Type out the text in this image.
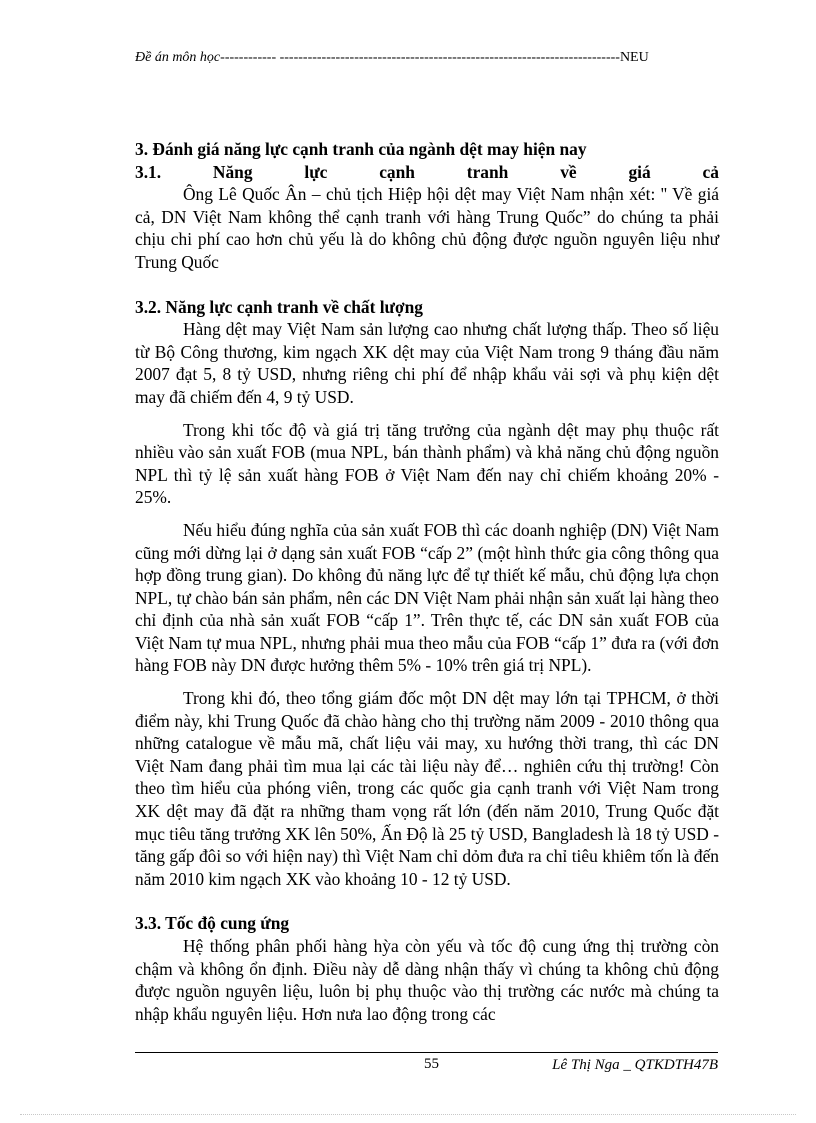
Đề án môn học------------ -------------------------------------------------------------------------NEU

3. Đánh giá năng lực cạnh tranh của ngành dệt may hiện nay

3.1.	Năng	lực	cạnh	tranh	về	giá	cả

Ông Lê Quốc Ân – chủ tịch Hiệp hội dệt may Việt Nam nhận xét: '' Về giá cả, DN Việt Nam không thể cạnh tranh với hàng Trung Quốc” do chúng ta phải chịu chi phí cao hơn chủ yếu là do không chủ động được nguồn nguyên liệu như Trung Quốc

3.2. Năng lực cạnh tranh về chất lượng

Hàng dệt may Việt Nam sản lượng cao nhưng chất lượng thấp. Theo số liệu từ Bộ Công thương, kim ngạch XK dệt may của Việt Nam trong 9 tháng đầu năm 2007 đạt 5, 8 tỷ USD, nhưng riêng chi phí để nhập khẩu vải sợi và phụ kiện dệt may đã chiếm đến 4, 9 tỷ USD.

Trong khi tốc độ và giá trị tăng trưởng của ngành dệt may phụ thuộc rất nhiều vào sản xuất FOB (mua NPL, bán thành phẩm) và khả năng chủ động nguồn NPL thì tỷ lệ sản xuất hàng FOB ở Việt Nam đến nay chỉ chiếm khoảng 20% - 25%.

Nếu hiểu đúng nghĩa của sản xuất FOB thì các doanh nghiệp (DN) Việt Nam cũng mới dừng lại ở dạng sản xuất FOB “cấp 2” (một hình thức gia công thông qua hợp đồng trung gian). Do không đủ năng lực để tự thiết kế mẫu, chủ động lựa chọn NPL, tự chào bán sản phẩm, nên các DN Việt Nam phải nhận sản xuất lại hàng theo chỉ định của nhà sản xuất FOB “cấp 1”. Trên thực tế, các DN sản xuất FOB của Việt Nam tự mua NPL, nhưng phải mua theo mẫu của FOB “cấp 1” đưa ra (với đơn hàng FOB này DN được hưởng thêm 5% - 10% trên giá trị NPL).

Trong khi đó, theo tổng giám đốc một DN dệt may lớn tại TPHCM, ở thời điểm này, khi Trung Quốc đã chào hàng cho thị trường năm 2009 - 2010 thông qua những catalogue về mẫu mã, chất liệu vải may, xu hướng thời trang, thì các DN Việt Nam đang phải tìm mua lại các tài liệu này để… nghiên cứu thị trường! Còn theo tìm hiểu của phóng viên, trong các quốc gia cạnh tranh với Việt Nam trong XK dệt may đã đặt ra những tham vọng rất lớn (đến năm 2010, Trung Quốc đặt mục tiêu tăng trưởng XK lên 50%, Ấn Độ là 25 tỷ USD, Bangladesh là 18 tỷ USD - tăng gấp đôi so với hiện nay) thì Việt Nam chỉ dỏm đưa ra chỉ tiêu khiêm tốn là đến năm 2010 kim ngạch XK vào khoảng 10 - 12 tỷ USD.

3.3. Tốc độ cung ứng

Hệ thống phân phối hàng hỳa còn yếu và tốc độ cung ứng thị trường còn chậm và không ổn định. Điều này dễ dàng nhận thấy vì chúng ta không chủ động được nguồn nguyên liệu, luôn bị phụ thuộc vào thị trường các nước mà chúng ta nhập khẩu nguyên liệu. Hơn nưa lao động trong các

55	Lê Thị Nga _ QTKDTH47B
